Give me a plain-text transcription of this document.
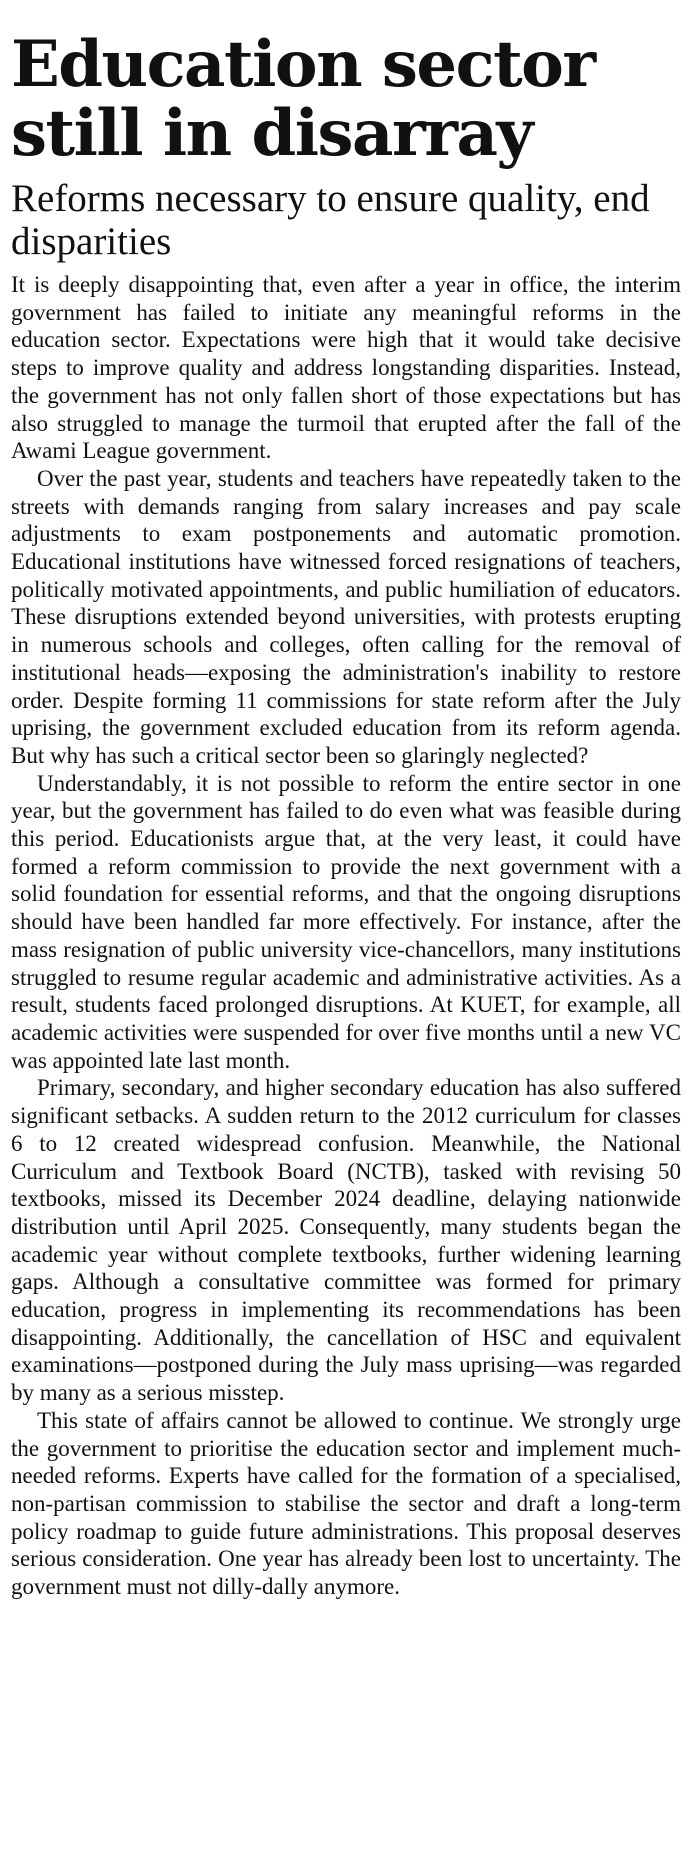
Education sector still in disarray
Reforms necessary to ensure quality, end disparities

It is deeply disappointing that, even after a year in office, the interim government has failed to initiate any meaningful reforms in the education sector. Expectations were high that it would take decisive steps to improve quality and address longstanding disparities. Instead, the government has not only fallen short of those expectations but has also struggled to manage the turmoil that erupted after the fall of the Awami League government.

Over the past year, students and teachers have repeatedly taken to the streets with demands ranging from salary increases and pay scale adjustments to exam postponements and automatic promotion. Educational institutions have witnessed forced resignations of teachers, politically motivated appointments, and public humiliation of educators. These disruptions extended beyond universities, with protests erupting in numerous schools and colleges, often calling for the removal of institutional heads—exposing the administration's inability to restore order. Despite forming 11 commissions for state reform after the July uprising, the government excluded education from its reform agenda. But why has such a critical sector been so glaringly neglected?

Understandably, it is not possible to reform the entire sector in one year, but the government has failed to do even what was feasible during this period. Educationists argue that, at the very least, it could have formed a reform commission to provide the next government with a solid foundation for essential reforms, and that the ongoing disruptions should have been handled far more effectively. For instance, after the mass resignation of public university vice-chancellors, many institutions struggled to resume regular academic and administrative activities. As a result, students faced prolonged disruptions. At KUET, for example, all academic activities were suspended for over five months until a new VC was appointed late last month.

Primary, secondary, and higher secondary education has also suffered significant setbacks. A sudden return to the 2012 curriculum for classes 6 to 12 created widespread confusion. Meanwhile, the National Curriculum and Textbook Board (NCTB), tasked with revising 50 textbooks, missed its December 2024 deadline, delaying nationwide distribution until April 2025. Consequently, many students began the academic year without complete textbooks, further widening learning gaps. Although a consultative committee was formed for primary education, progress in implementing its recommendations has been disappointing. Additionally, the cancellation of HSC and equivalent examinations—postponed during the July mass uprising—was regarded by many as a serious misstep.

This state of affairs cannot be allowed to continue. We strongly urge the government to prioritise the education sector and implement much-needed reforms. Experts have called for the formation of a specialised, non-partisan commission to stabilise the sector and draft a long-term policy roadmap to guide future administrations. This proposal deserves serious consideration. One year has already been lost to uncertainty. The government must not dilly-dally anymore.
